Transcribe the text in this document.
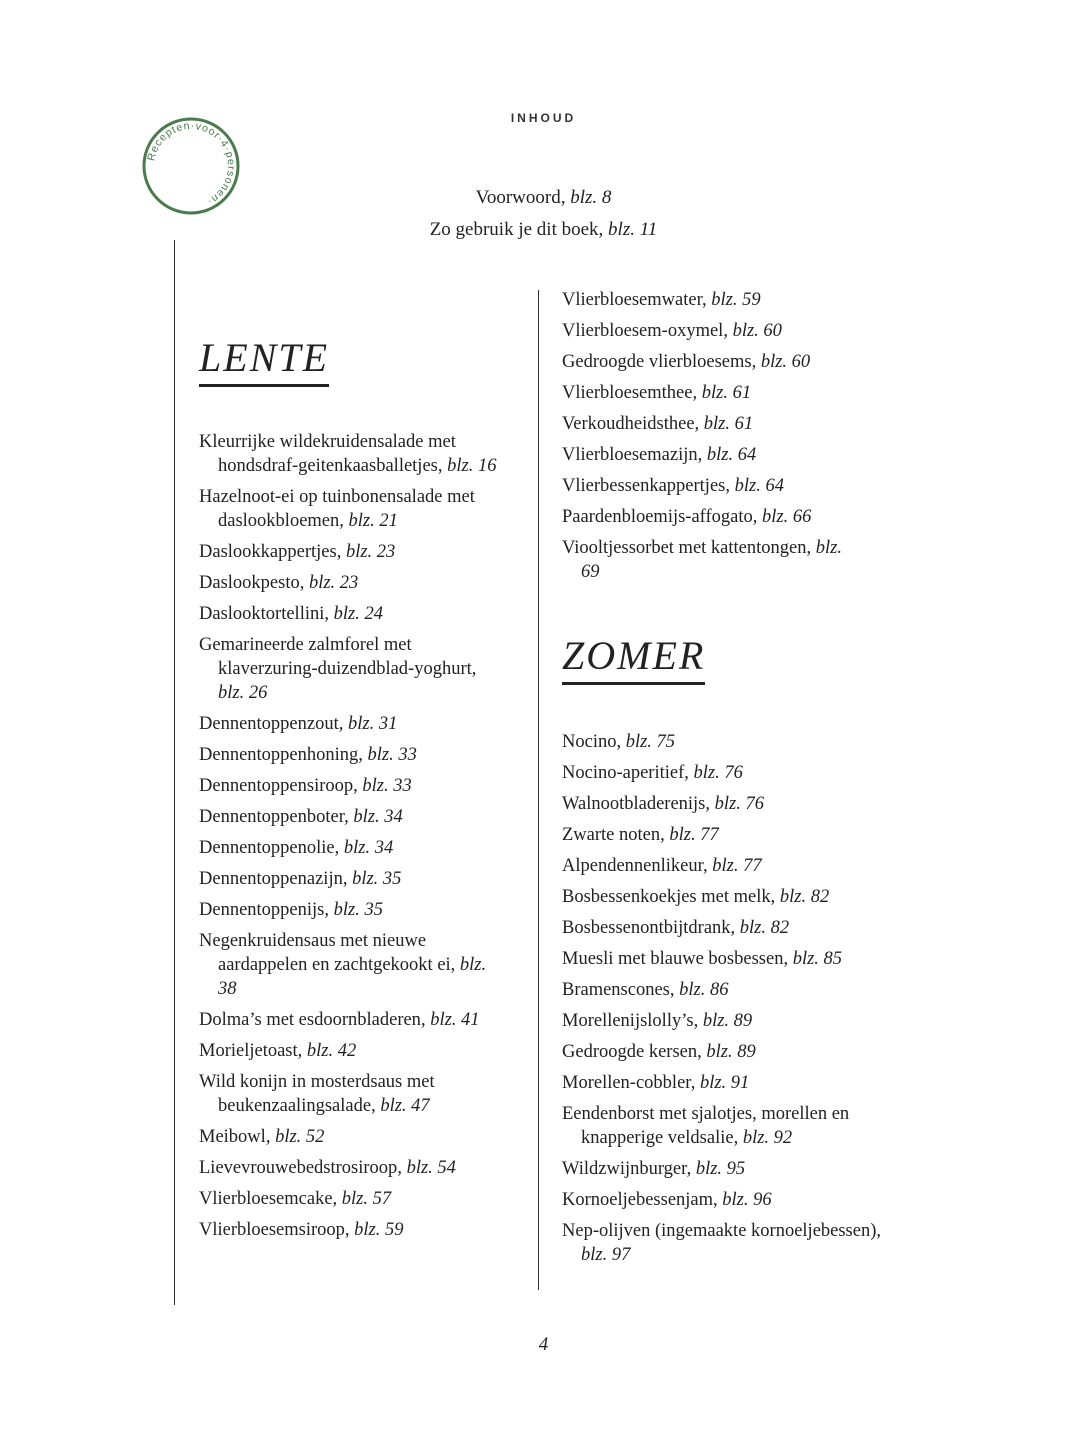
INHOUD
Recepten·voor·4·personen·	Voorwoord, blz. 8
Zo gebruik je dit boek, blz. 11
LENTE
Kleurrijke wildekruidensalade met hondsdraf-geitenkaasballetjes, blz. 16
Hazelnoot-ei op tuinbonensalade met daslookbloemen, blz. 21
Daslookkappertjes, blz. 23
Daslookpesto, blz. 23
Daslooktortellini, blz. 24
Gemarineerde zalmforel met klaverzuring-duizendblad-yoghurt, blz. 26
Dennentoppenzout, blz. 31
Dennentoppenhoning, blz. 33
Dennentoppensiroop, blz. 33
Dennentoppenboter, blz. 34
Dennentoppenolie, blz. 34
Dennentoppenazijn, blz. 35
Dennentoppenijs, blz. 35
Negenkruidensaus met nieuwe aardappelen en zachtgekookt ei, blz. 38
Dolma’s met esdoornbladeren, blz. 41
Morieljetoast, blz. 42
Wild konijn in mosterdsaus met beukenzaalingsalade, blz. 47
Meibowl, blz. 52
Lievevrouwebedstrosiroop, blz. 54
Vlierbloesemcake, blz. 57
Vlierbloesemsiroop, blz. 59
Vlierbloesemwater, blz. 59
Vlierbloesem-oxymel, blz. 60
Gedroogde vlierbloesems, blz. 60
Vlierbloesemthee, blz. 61
Verkoudheidsthee, blz. 61
Vlierbloesemazijn, blz. 64
Vlierbessenkappertjes, blz. 64
Paardenbloemijs-affogato, blz. 66
Viooltjessorbet met kattentongen, blz. 69
ZOMER
Nocino, blz. 75
Nocino-aperitief, blz. 76
Walnootbladerenijs, blz. 76
Zwarte noten, blz. 77
Alpendennenlikeur, blz. 77
Bosbessenkoekjes met melk, blz. 82
Bosbessenontbijtdrank, blz. 82
Muesli met blauwe bosbessen, blz. 85
Bramenscones, blz. 86
Morellenijslolly’s, blz. 89
Gedroogde kersen, blz. 89
Morellen-cobbler, blz. 91
Eendenborst met sjalotjes, morellen en knapperige veldsalie, blz. 92
Wildzwijnburger, blz. 95
Kornoeljebessenjam, blz. 96
Nep-olijven (ingemaakte kornoeljebessen), blz. 97
4
